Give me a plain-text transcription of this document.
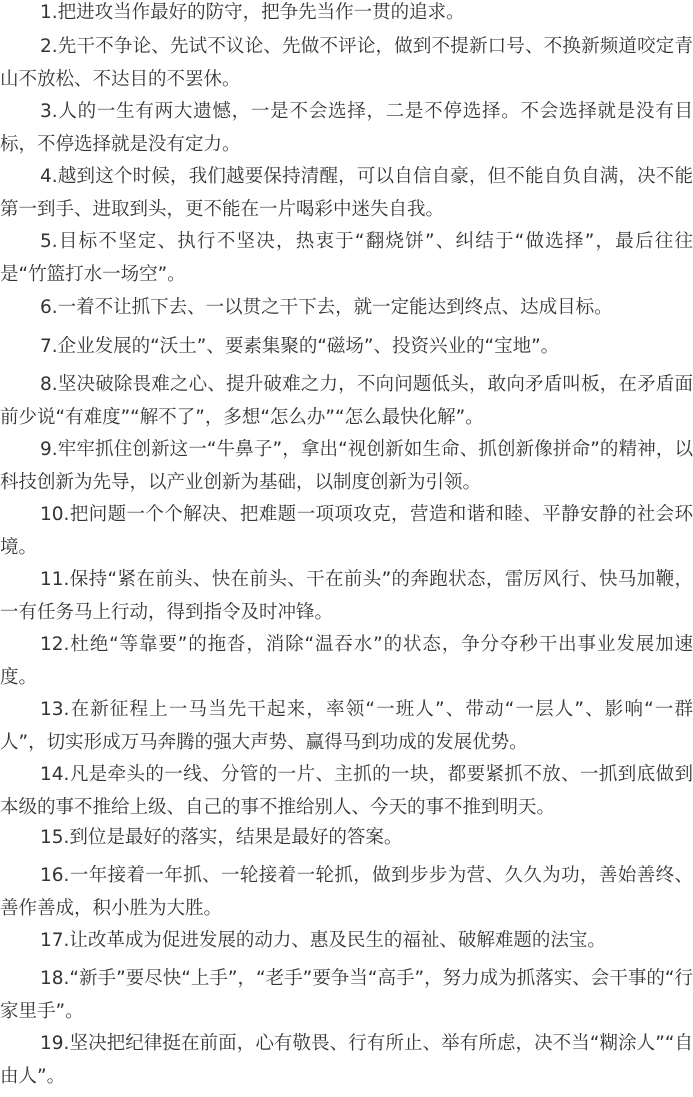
1.把进攻当作最好的防守，把争先当作一贯的追求。

2.先干不争论、先试不议论、先做不评论，做到不提新口号、不换新频道咬定青山不放松、不达目的不罢休。

3.人的一生有两大遗憾，一是不会选择，二是不停选择。不会选择就是没有目标，不停选择就是没有定力。

4.越到这个时候，我们越要保持清醒，可以自信自豪，但不能自负自满，决不能第一到手、进取到头，更不能在一片喝彩中迷失自我。

5.目标不坚定、执行不坚决，热衷于“翻烧饼”、纠结于“做选择”，最后往往是“竹篮打水一场空”。

6.一着不让抓下去、一以贯之干下去，就一定能达到终点、达成目标。

7.企业发展的“沃土”、要素集聚的“磁场”、投资兴业的“宝地”。

8.坚决破除畏难之心、提升破难之力，不向问题低头，敢向矛盾叫板，在矛盾面前少说“有难度”“解不了”，多想“怎么办”“怎么最快化解”。

9.牢牢抓住创新这一“牛鼻子”，拿出“视创新如生命、抓创新像拼命”的精神，以科技创新为先导，以产业创新为基础，以制度创新为引领。

10.把问题一个个解决、把难题一项项攻克，营造和谐和睦、平静安静的社会环境。

11.保持“紧在前头、快在前头、干在前头”的奔跑状态，雷厉风行、快马加鞭，一有任务马上行动，得到指令及时冲锋。

12.杜绝“等靠要”的拖沓，消除“温吞水”的状态，争分夺秒干出事业发展加速度。

13.在新征程上一马当先干起来，率领“一班人”、带动“一层人”、影响“一群人”，切实形成万马奔腾的强大声势、赢得马到功成的发展优势。

14.凡是牵头的一线、分管的一片、主抓的一块，都要紧抓不放、一抓到底做到本级的事不推给上级、自己的事不推给别人、今天的事不推到明天。

15.到位是最好的落实，结果是最好的答案。

16.一年接着一年抓、一轮接着一轮抓，做到步步为营、久久为功，善始善终、善作善成，积小胜为大胜。

17.让改革成为促进发展的动力、惠及民生的福祉、破解难题的法宝。

18.“新手”要尽快“上手”，“老手”要争当“高手”，努力成为抓落实、会干事的“行家里手”。

19.坚决把纪律挺在前面，心有敬畏、行有所止、举有所虑，决不当“糊涂人”“自由人”。
